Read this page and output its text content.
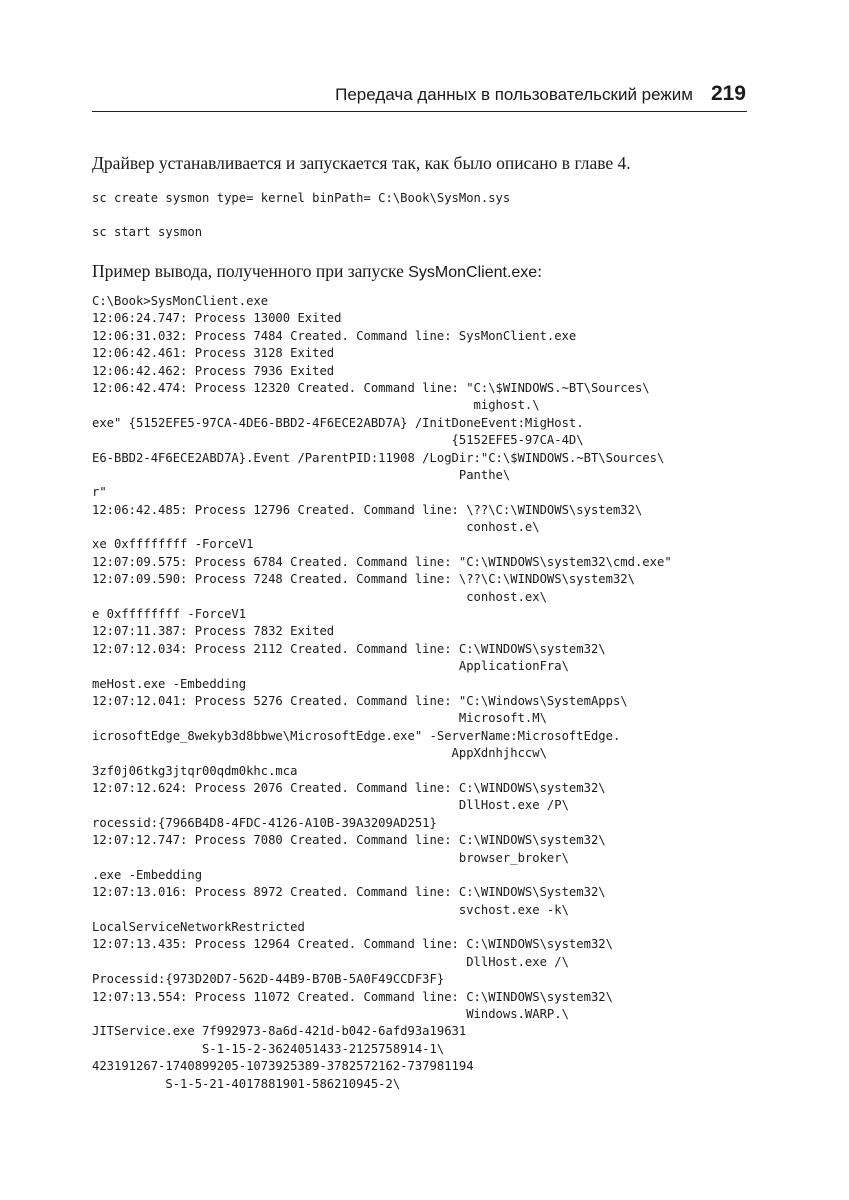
Передача данных в пользовательский режим 219

Драйвер устанавливается и запускается так, как было описано в главе 4.

sc create sysmon type= kernel binPath= C:\Book\SysMon.sys
sc start sysmon

Пример вывода, полученного при запуске SysMonClient.exe:

C:\Book>SysMonClient.exe
12:06:24.747: Process 13000 Exited
12:06:31.032: Process 7484 Created. Command line: SysMonClient.exe
12:06:42.461: Process 3128 Exited
12:06:42.462: Process 7936 Exited
12:06:42.474: Process 12320 Created. Command line: "C:\$WINDOWS.~BT\Sources\
mighost.\
exe" {5152EFE5-97CA-4DE6-BBD2-4F6ECE2ABD7A} /InitDoneEvent:MigHost.
{5152EFE5-97CA-4D\
E6-BBD2-4F6ECE2ABD7A}.Event /ParentPID:11908 /LogDir:"C:\$WINDOWS.~BT\Sources\
Panthe\
r"
12:06:42.485: Process 12796 Created. Command line: \??\C:\WINDOWS\system32\
conhost.e\
xe 0xffffffff -ForceV1
12:07:09.575: Process 6784 Created. Command line: "C:\WINDOWS\system32\cmd.exe"
12:07:09.590: Process 7248 Created. Command line: \??\C:\WINDOWS\system32\
conhost.ex\
e 0xffffffff -ForceV1
12:07:11.387: Process 7832 Exited
12:07:12.034: Process 2112 Created. Command line: C:\WINDOWS\system32\
ApplicationFra\
meHost.exe -Embedding
12:07:12.041: Process 5276 Created. Command line: "C:\Windows\SystemApps\
Microsoft.M\
icrosoftEdge_8wekyb3d8bbwe\MicrosoftEdge.exe" -ServerName:MicrosoftEdge.
AppXdnhjhccw\
3zf0j06tkg3jtqr00qdm0khc.mca
12:07:12.624: Process 2076 Created. Command line: C:\WINDOWS\system32\
DllHost.exe /P\
rocessid:{7966B4D8-4FDC-4126-A10B-39A3209AD251}
12:07:12.747: Process 7080 Created. Command line: C:\WINDOWS\system32\
browser_broker\
.exe -Embedding
12:07:13.016: Process 8972 Created. Command line: C:\WINDOWS\System32\
svchost.exe -k\
LocalServiceNetworkRestricted
12:07:13.435: Process 12964 Created. Command line: C:\WINDOWS\system32\
DllHost.exe /\
Processid:{973D20D7-562D-44B9-B70B-5A0F49CCDF3F}
12:07:13.554: Process 11072 Created. Command line: C:\WINDOWS\system32\
Windows.WARP.\
JITService.exe 7f992973-8a6d-421d-b042-6afd93a19631
S-1-15-2-3624051433-2125758914-1\
423191267-1740899205-1073925389-3782572162-737981194
S-1-5-21-4017881901-586210945-2\
